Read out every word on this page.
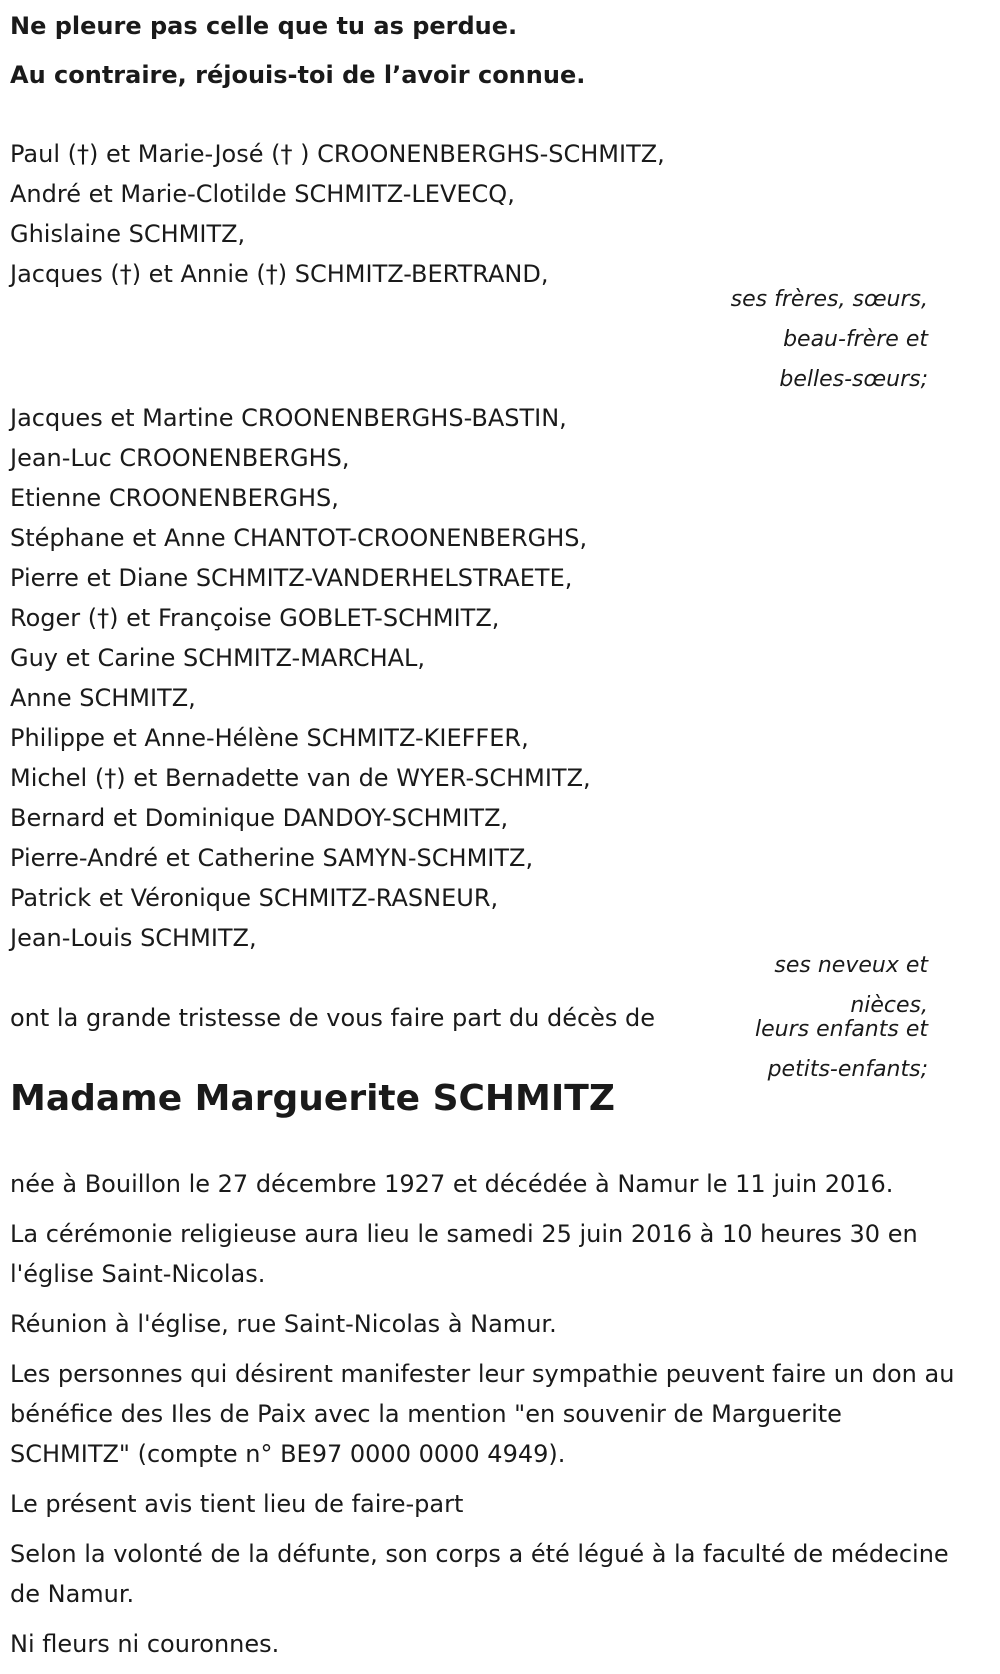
Ne pleure pas celle que tu as perdue.
Au contraire, réjouis-toi de l’avoir connue.
Paul (†) et Marie-José († ) CROONENBERGHS-SCHMITZ,
André et Marie-Clotilde SCHMITZ-LEVECQ,
Ghislaine SCHMITZ,
Jacques (†) et Annie (†) SCHMITZ-BERTRAND,
ses frères, sœurs,
beau-frère et
belles-sœurs;
Jacques et Martine CROONENBERGHS-BASTIN,
Jean-Luc CROONENBERGHS,
Etienne CROONENBERGHS,
Stéphane et Anne CHANTOT-CROONENBERGHS,
Pierre et Diane SCHMITZ-VANDERHELSTRAETE,
Roger (†) et Françoise GOBLET-SCHMITZ,
Guy et Carine SCHMITZ-MARCHAL,
Anne SCHMITZ,
Philippe et Anne-Hélène SCHMITZ-KIEFFER,
Michel (†) et Bernadette van de WYER-SCHMITZ,
Bernard et Dominique DANDOY-SCHMITZ,
Pierre-André et Catherine SAMYN-SCHMITZ,
Patrick et Véronique SCHMITZ-RASNEUR,
Jean-Louis SCHMITZ,
ses neveux et
nièces,
leurs enfants et
petits-enfants;
ont la grande tristesse de vous faire part du décès de
Madame Marguerite SCHMITZ
née à Bouillon le 27 décembre 1927 et décédée à Namur le 11 juin 2016.
La cérémonie religieuse aura lieu le samedi 25 juin 2016 à 10 heures 30 en l'église Saint-Nicolas.
Réunion à l'église, rue Saint-Nicolas à Namur.
Les personnes qui désirent manifester leur sympathie peuvent faire un don au bénéfice des Iles de Paix avec la mention "en souvenir de Marguerite SCHMITZ" (compte n° BE97 0000 0000 4949).
Le présent avis tient lieu de faire-part
Selon la volonté de la défunte, son corps a été légué à la faculté de médecine de Namur.
Ni fleurs ni couronnes.
